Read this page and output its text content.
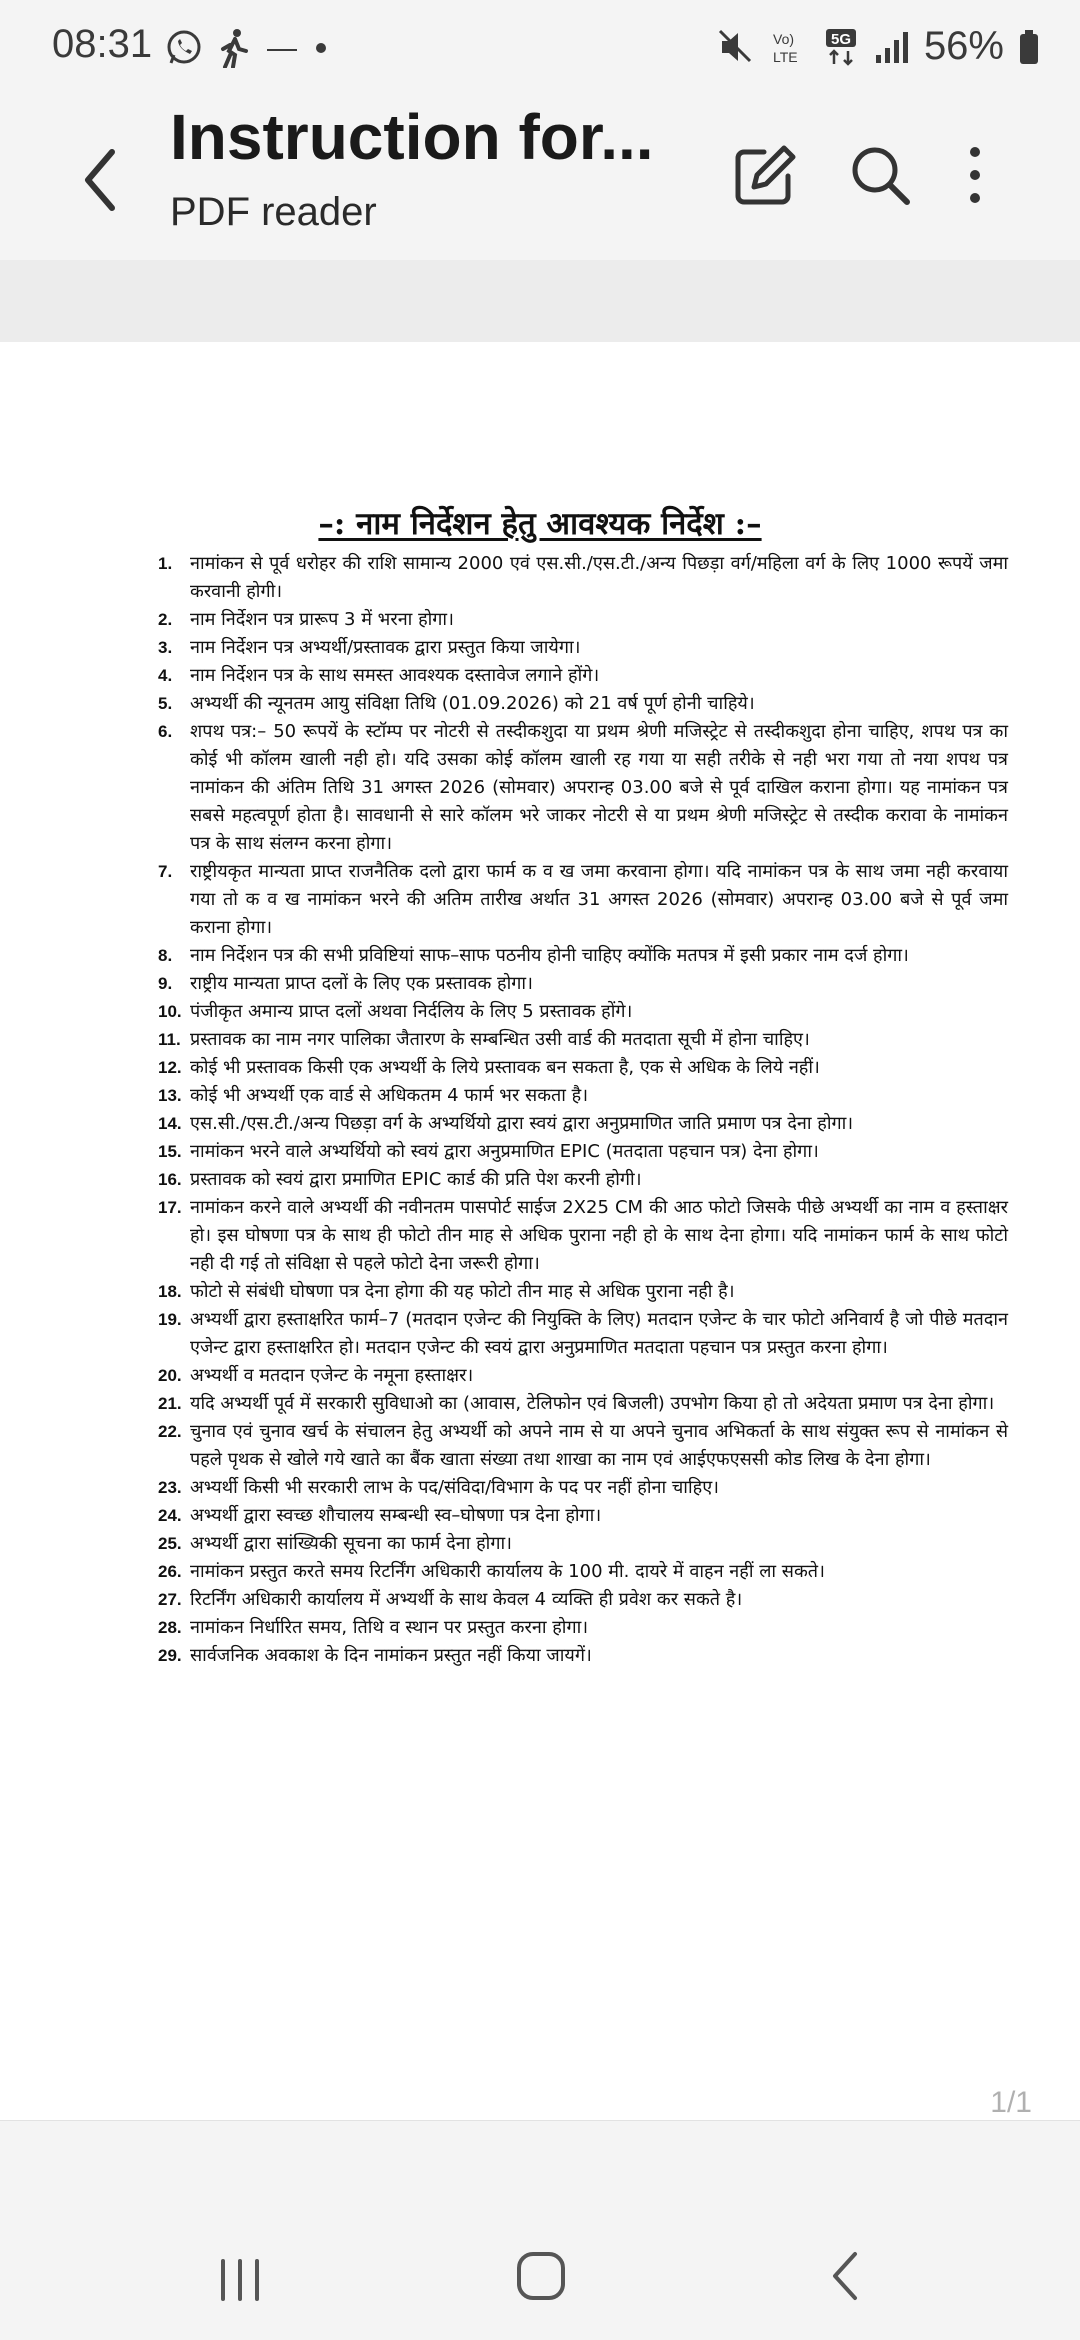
08:31	Vo)
LTE
5G 56%
Instruction for...
PDF reader
–: नाम निर्देशन हेतु आवश्यक निर्देश :–
1. नामांकन से पूर्व धरोहर की राशि सामान्य 2000 एवं एस.सी./एस.टी./अन्य पिछड़ा वर्ग/महिला वर्ग के लिए 1000 रूपयें जमा करवानी होगी।
2. नाम निर्देशन पत्र प्रारूप 3 में भरना होगा।
3. नाम निर्देशन पत्र अभ्यर्थी/प्रस्तावक द्वारा प्रस्तुत किया जायेगा।
4. नाम निर्देशन पत्र के साथ समस्त आवश्यक दस्तावेज लगाने होंगे।
5. अभ्यर्थी की न्यूनतम आयु संविक्षा तिथि (01.09.2026) को 21 वर्ष पूर्ण होनी चाहिये।
6. शपथ पत्र:– 50 रूपयें के स्टॉम्प पर नोटरी से तस्दीकशुदा या प्रथम श्रेणी मजिस्ट्रेट से तस्दीकशुदा होना चाहिए, शपथ पत्र का कोई भी कॉलम खाली नही हो। यदि उसका कोई कॉलम खाली रह गया या सही तरीके से नही भरा गया तो नया शपथ पत्र नामांकन की अंतिम तिथि 31 अगस्त 2026 (सोमवार) अपरान्ह 03.00 बजे से पूर्व दाखिल कराना होगा। यह नामांकन पत्र सबसे महत्वपूर्ण होता है। सावधानी से सारे कॉलम भरे जाकर नोटरी से या प्रथम श्रेणी मजिस्ट्रेट से तस्दीक करावा के नामांकन पत्र के साथ संलग्न करना होगा।
7. राष्ट्रीयकृत मान्यता प्राप्त राजनैतिक दलो द्वारा फार्म क व ख जमा करवाना होगा। यदि नामांकन पत्र के साथ जमा नही करवाया गया तो क व ख नामांकन भरने की अतिम तारीख अर्थात 31 अगस्त 2026 (सोमवार) अपरान्ह 03.00 बजे से पूर्व जमा कराना होगा।
8. नाम निर्देशन पत्र की सभी प्रविष्टियां साफ–साफ पठनीय होनी चाहिए क्योंकि मतपत्र में इसी प्रकार नाम दर्ज होगा।
9. राष्ट्रीय मान्यता प्राप्त दलों के लिए एक प्रस्तावक होगा।
10. पंजीकृत अमान्य प्राप्त दलों अथवा निर्दलिय के लिए 5 प्रस्तावक होंगे।
11. प्रस्तावक का नाम नगर पालिका जैतारण के सम्बन्धित उसी वार्ड की मतदाता सूची में होना चाहिए।
12. कोई भी प्रस्तावक किसी एक अभ्यर्थी के लिये प्रस्तावक बन सकता है, एक से अधिक के लिये नहीं।
13. कोई भी अभ्यर्थी एक वार्ड से अधिकतम 4 फार्म भर सकता है।
14. एस.सी./एस.टी./अन्य पिछड़ा वर्ग के अभ्यर्थियो द्वारा स्वयं द्वारा अनुप्रमाणित जाति प्रमाण पत्र देना होगा।
15. नामांकन भरने वाले अभ्यर्थियो को स्वयं द्वारा अनुप्रमाणित EPIC (मतदाता पहचान पत्र) देना होगा।
16. प्रस्तावक को स्वयं द्वारा प्रमाणित EPIC कार्ड की प्रति पेश करनी होगी।
17. नामांकन करने वाले अभ्यर्थी की नवीनतम पासपोर्ट साईज 2X25 CM की आठ फोटो जिसके पीछे अभ्यर्थी का नाम व हस्ताक्षर हो। इस घोषणा पत्र के साथ ही फोटो तीन माह से अधिक पुराना नही हो के साथ देना होगा। यदि नामांकन फार्म के साथ फोटो नही दी गई तो संविक्षा से पहले फोटो देना जरूरी होगा।
18. फोटो से संबंधी घोषणा पत्र देना होगा की यह फोटो तीन माह से अधिक पुराना नही है।
19. अभ्यर्थी द्वारा हस्ताक्षरित फार्म–7 (मतदान एजेन्ट की नियुक्ति के लिए) मतदान एजेन्ट के चार फोटो अनिवार्य है जो पीछे मतदान एजेन्ट द्वारा हस्ताक्षरित हो। मतदान एजेन्ट की स्वयं द्वारा अनुप्रमाणित मतदाता पहचान पत्र प्रस्तुत करना होगा।
20. अभ्यर्थी व मतदान एजेन्ट के नमूना हस्ताक्षर।
21. यदि अभ्यर्थी पूर्व में सरकारी सुविधाओ का (आवास, टेलिफोन एवं बिजली) उपभोग किया हो तो अदेयता प्रमाण पत्र देना होगा।
22. चुनाव एवं चुनाव खर्च के संचालन हेतु अभ्यर्थी को अपने नाम से या अपने चुनाव अभिकर्ता के साथ संयुक्त रूप से नामांकन से पहले पृथक से खोले गये खाते का बैंक खाता संख्या तथा शाखा का नाम एवं आईएफएससी कोड लिख के देना होगा।
23. अभ्यर्थी किसी भी सरकारी लाभ के पद/संविदा/विभाग के पद पर नहीं होना चाहिए।
24. अभ्यर्थी द्वारा स्वच्छ शौचालय सम्बन्धी स्व–घोषणा पत्र देना होगा।
25. अभ्यर्थी द्वारा सांख्यिकी सूचना का फार्म देना होगा।
26. नामांकन प्रस्तुत करते समय रिटर्निंग अधिकारी कार्यालय के 100 मी. दायरे में वाहन नहीं ला सकते।
27. रिटर्निंग अधिकारी कार्यालय में अभ्यर्थी के साथ केवल 4 व्यक्ति ही प्रवेश कर सकते है।
28. नामांकन निर्धारित समय, तिथि व स्थान पर प्रस्तुत करना होगा।
29. सार्वजनिक अवकाश के दिन नामांकन प्रस्तुत नहीं किया जायगें।
1/1
